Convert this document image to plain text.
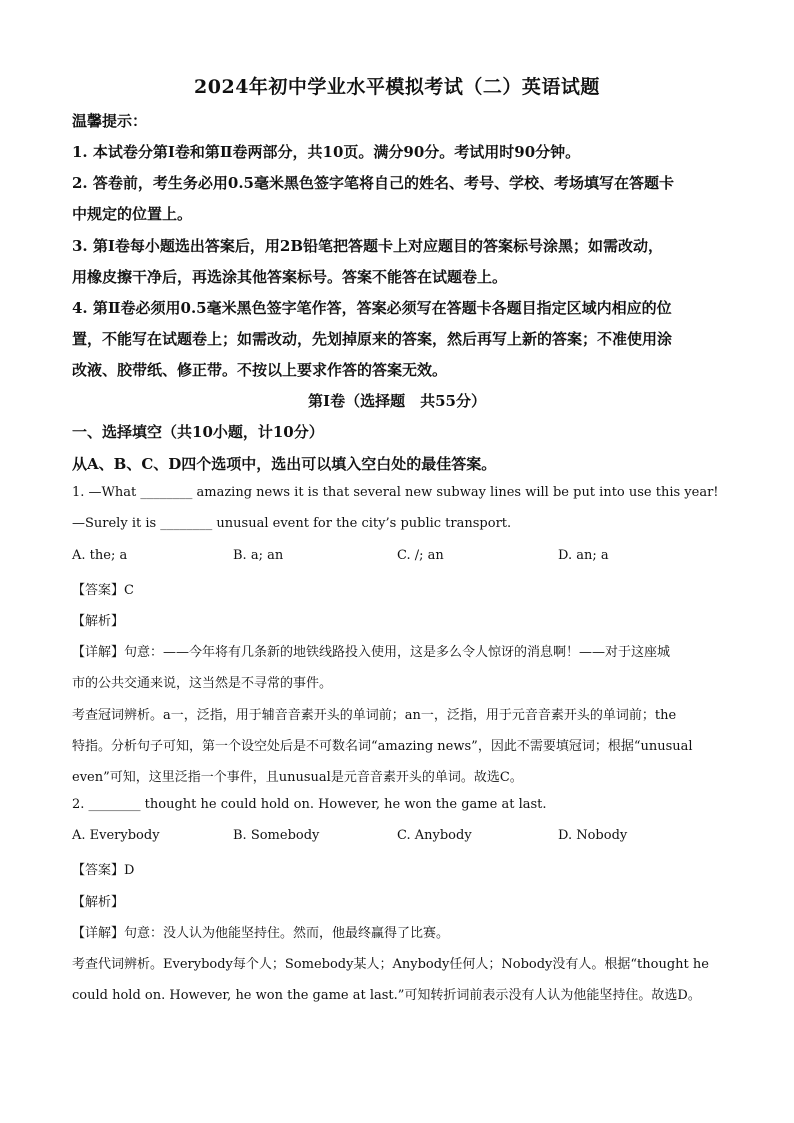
2024年初中学业水平模拟考试（二）英语试题
温馨提示：
1. 本试卷分第Ⅰ卷和第Ⅱ卷两部分，共10页。满分90分。考试用时90分钟。
2. 答卷前，考生务必用0.5毫米黑色签字笔将自己的姓名、考号、学校、考场填写在答题卡
中规定的位置上。
3. 第Ⅰ卷每小题选出答案后，用2B铅笔把答题卡上对应题目的答案标号涂黑；如需改动，
用橡皮擦干净后，再选涂其他答案标号。答案不能答在试题卷上。
4. 第Ⅱ卷必须用0.5毫米黑色签字笔作答，答案必须写在答题卡各题目指定区域内相应的位
置，不能写在试题卷上；如需改动，先划掉原来的答案，然后再写上新的答案；不准使用涂
改液、胶带纸、修正带。不按以上要求作答的答案无效。
第Ⅰ卷（选择题　共55分）
一、选择填空（共10小题，计10分）
从A、B、C、D四个选项中，选出可以填入空白处的最佳答案。
1. —What ________ amazing news it is that several new subway lines will be put into use this year!
—Surely it is ________ unusual event for the city’s public transport.
A. the; a	B. a; an	C. /; an	D. an; a
【答案】C
【解析】
【详解】句意：——今年将有几条新的地铁线路投入使用，这是多么令人惊讶的消息啊！——对于这座城
市的公共交通来说，这当然是不寻常的事件。
考查冠词辨析。a一，泛指，用于辅音音素开头的单词前；an一，泛指，用于元音音素开头的单词前；the
特指。分析句子可知，第一个设空处后是不可数名词“amazing news”，因此不需要填冠词；根据“unusual
even”可知，这里泛指一个事件，且unusual是元音音素开头的单词。故选C。
2. ________ thought he could hold on. However, he won the game at last.
A. Everybody	B. Somebody	C. Anybody	D. Nobody
【答案】D
【解析】
【详解】句意：没人认为他能坚持住。然而，他最终赢得了比赛。
考查代词辨析。Everybody每个人；Somebody某人；Anybody任何人；Nobody没有人。根据“thought he
could hold on. However, he won the game at last.”可知转折词前表示没有人认为他能坚持住。故选D。
